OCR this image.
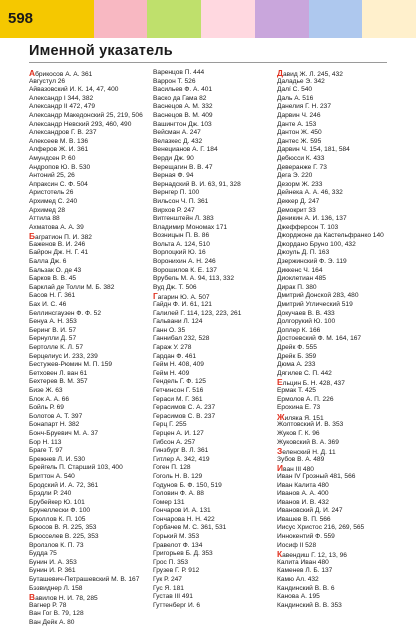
598
Именной указатель
Абрикосов А. А. 361
Августул 26
Айвазовский И. К. 14, 47, 400
Александр I 344, 382
Александр II 472, 479
Александр Македонский 25, 219, 506
Александр Невский 293, 460, 490
Александров Г. В. 237
Алексеев М. В. 136
Алферов Ж. И. 361
Амундсен Р. 60
Андропов Ю. В. 530
Антоний 25, 26
Апраксин С. Ф. 504
Аристотель 26
Архимед С. 240
Архимед 28
Аттила 88
Ахматова А. А. 39
Багратион П. И. 382
Баженов В. И. 246
Байрон Дж. Н. Г. 41
Балла Дж. 6
Бальзак О. де 43
Барков В. В. 45
Барклай де Толли М. Б. 382
Басов Н. Г. 361
Бах И. С. 46
Беллинсгаузен Ф. Ф. 52
Бенуа А. Н. 353
Беринг В. И. 57
Бернулли Д. 57
Бертолле К. Л. 57
Берцелиус Й. 233, 239
Бестужев-Рюмин М. П. 159
Бетховен Л. ван 61
Бехтерев В. М. 357
Бизе Ж. 63
Блок А. А. 66
Бойль Р. 69
Болотов А. Т. 397
Бонапарт Н. 382
Бонч-Бруевич М. А. 37
Бор Н. 113
Браге Т. 97
Брежнев Л. И. 530
Брейгель П. Старший 103, 400
Бриттон А. 540
Бродский И. А. 72, 361
Брэдли Р. 240
Брубейкер Ю. 101
Брунеллески Ф. 100
Брюллов К. П. 105
Брюсов В. Я. 225, 353
Брюсселев В. 225, 353
Вролзлов К. П. 73
Будда 75
Бунин И. А. 353
Бунин И. Р. 361
Буташевич-Петрашевский М. В. 167
Бэзвиднер Л. 158
Вавилов Н. И. 78, 285
Вагнер Р. 78
Ван Гог В. 79, 128
Ван Дейк А. 80
Варенцов П. 444
Варрон Т. 526
Васильев Ф. А. 401
Васко да Гама 82
Васнецов А. М. 332
Васнецов В. М. 409
Вашингтон Дж. 103
Вейсман А. 247
Велазкес Д. 432
Венецианов А. Г. 184
Верди Дж. 90
Верещагин В. В. 47
Верная Ф. 94
Вернадский В. И. 63, 91, 328
Вернгер П. 100
Вильсон Ч. П. 361
Вирхов Р. 247
Витгенштейн Л. 383
Владимир Мономах 171
Возницын П. В. 86
Вольта А. 124, 510
Ворлоцкий Ю. 16
Воронихин А. Н. 246
Ворошилов К. Е. 137
Врубель М. А. 94, 113, 332
Вуд Дж. Т. 506
Гагарин Ю. А. 507
Гайдн Ф. Й. 61, 121
Галилей Г. 114, 123, 223, 261
Гальвани Л. 124
Ганн О. 35
Ганнибал 232, 528
Гараж У. 278
Гардан Ф. 461
Гейм Н. 408, 409
Гейм Н. 409
Гендель Г. Ф. 125
Гетчинсон Г. 516
Гераси М. Г. 361
Герасимов С. А. 237
Герасимов С. В. 237
Герц Г. 255
Герцен А. И. 127
Гибсон А. 257
Гинзбург В. Л. 361
Гитлер А. 342, 419
Гоген П. 128
Гоголь Н. В. 129
Годунов Б. Ф. 150, 519
Головин Ф. А. 88
Гомер 131
Гончаров И. А. 131
Гончарова Н. Н. 422
Горбачев М. С. 361, 531
Горький М. 353
Гравелот Ф. 134
Григорьев Б. Д. 353
Грос П. 353
Грузев Г. Р. 912
Гук Р. 247
Гус Я. 181
Густав III 491
Гуттенберг И. 6
Давид Ж. Л. 245, 432
Даладье Э. 342
Далí С. 540
Даль А. 516
Данелия Г. Н. 237
Дарвин Ч. 246
Данте А. 153
Дантон Ж. 450
Дантес Ж. 595
Дарвин Ч. 154, 181, 584
Дебюсси К. 433
Деверанже Г. 73
Дега Э. 220
Дезорм Ж. 233
Дейнека А. А. 46, 332
Деккер Д. 247
Демокрит 33
Деникин А. И. 136, 137
Джефферсон Т. 103
Джорджоне да Кастельфранко 140
Джордано Бруно 100, 432
Джоуль Д. П. 163
Дзержинский Ф. Э. 119
Диккенс Ч. 164
Диоклетиан 485
Дирак П. 380
Дмитрий Донской 283, 480
Дмитрий Углический 519
Докучаев В. В. 433
Долгорукий Ю. 100
Доплер К. 166
Достоевский Ф. М. 164, 167
Дрейк Ф. 555
Дрейк Б. 359
Дюма А. 233
Дягилев С. П. 442
Ельцин Б. Н. 428, 437
Ермак Т. 425
Ермолов А. П. 226
Ерохина Е. 73
Жиляка Я. 151
Жолтовский И. В. 353
Жуков Г. К. 96
Жуковский В. А. 369
Зеленский Н. Д. 11
Зубов В. А. 489
Иван III 480
Иван IV Грозный 481, 566
Иван Калита 480
Иванов А. А. 400
Иванов И. В. 432
Ивановский Д. И. 247
Ивашев В. П. 566
Иисус Христос 216, 269, 565
Иннокентий Ф. 559
Иосиф II 528
Кавендиш Г. 12, 13, 96
Калита Иван 480
Каменев Л. Б. 137
Камю Ал. 432
Кандинский В. В. 6
Канова А. 195
Кандинский В. В. 353
